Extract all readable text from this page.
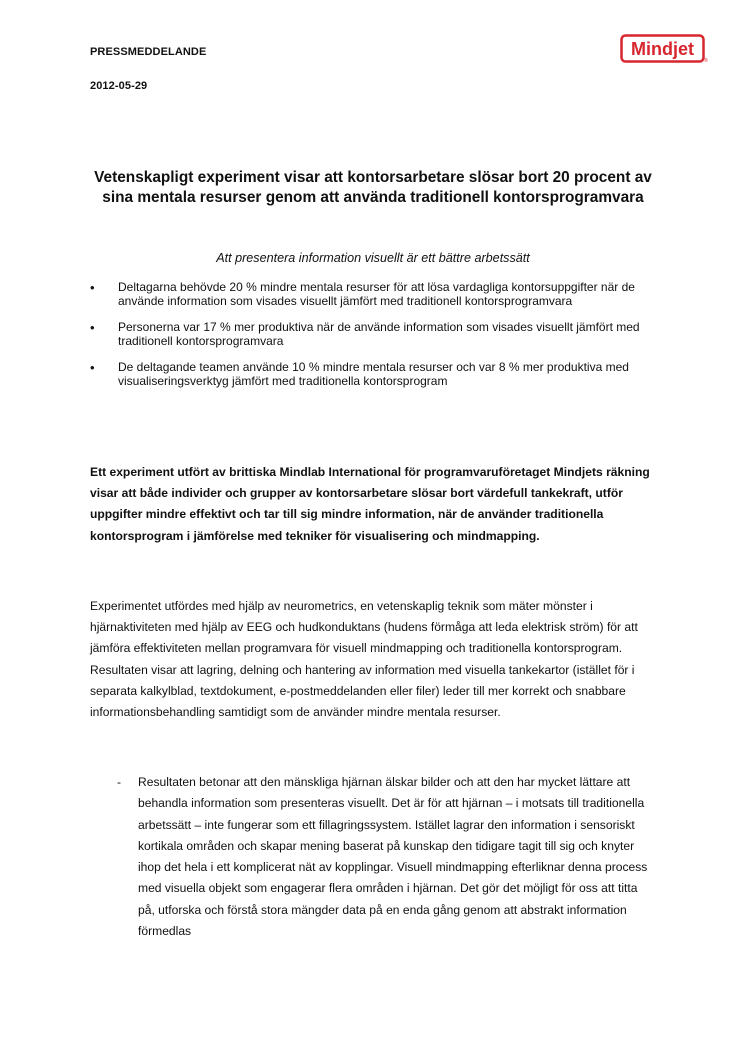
PRESSMEDDELANDE
2012-05-29
Mindjet
®
Vetenskapligt experiment visar att kontorsarbetare slösar bort 20 procent av sina mentala resurser genom att använda traditionell kontorsprogramvara
Att presentera information visuellt är ett bättre arbetssätt
• Deltagarna behövde 20 % mindre mentala resurser för att lösa vardagliga kontorsuppgifter när de använde information som visades visuellt jämfört med traditionell kontorsprogramvara
• Personerna var 17 % mer produktiva när de använde information som visades visuellt jämfört med traditionell kontorsprogramvara
• De deltagande teamen använde 10 % mindre mentala resurser och var 8 % mer produktiva med visualiseringsverktyg jämfört med traditionella kontorsprogram
Ett experiment utfört av brittiska Mindlab International för programvaruföretaget Mindjets räkning visar att både individer och grupper av kontorsarbetare slösar bort värdefull tankekraft, utför uppgifter mindre effektivt och tar till sig mindre information, när de använder traditionella kontorsprogram i jämförelse med tekniker för visualisering och mindmapping.
Experimentet utfördes med hjälp av neurometrics, en vetenskaplig teknik som mäter mönster i hjärnaktiviteten med hjälp av EEG och hudkonduktans (hudens förmåga att leda elektrisk ström) för att jämföra effektiviteten mellan programvara för visuell mindmapping och traditionella kontorsprogram. Resultaten visar att lagring, delning och hantering av information med visuella tankekartor (istället för i separata kalkylblad, textdokument, e-postmeddelanden eller filer) leder till mer korrekt och snabbare informationsbehandling samtidigt som de använder mindre mentala resurser.
Resultaten betonar att den mänskliga hjärnan älskar bilder och att den har mycket lättare att behandla information som presenteras visuellt. Det är för att hjärnan – i motsats till traditionella arbetssätt – inte fungerar som ett fillagringssystem. Istället lagrar den information i sensoriskt kortikala områden och skapar mening baserat på kunskap den tidigare tagit till sig och knyter ihop det hela i ett komplicerat nät av kopplingar. Visuell mindmapping efterliknar denna process med visuella objekt som engagerar flera områden i hjärnan. Det gör det möjligt för oss att titta på, utforska och förstå stora mängder data på en enda gång genom att abstrakt information förmedlas
-
